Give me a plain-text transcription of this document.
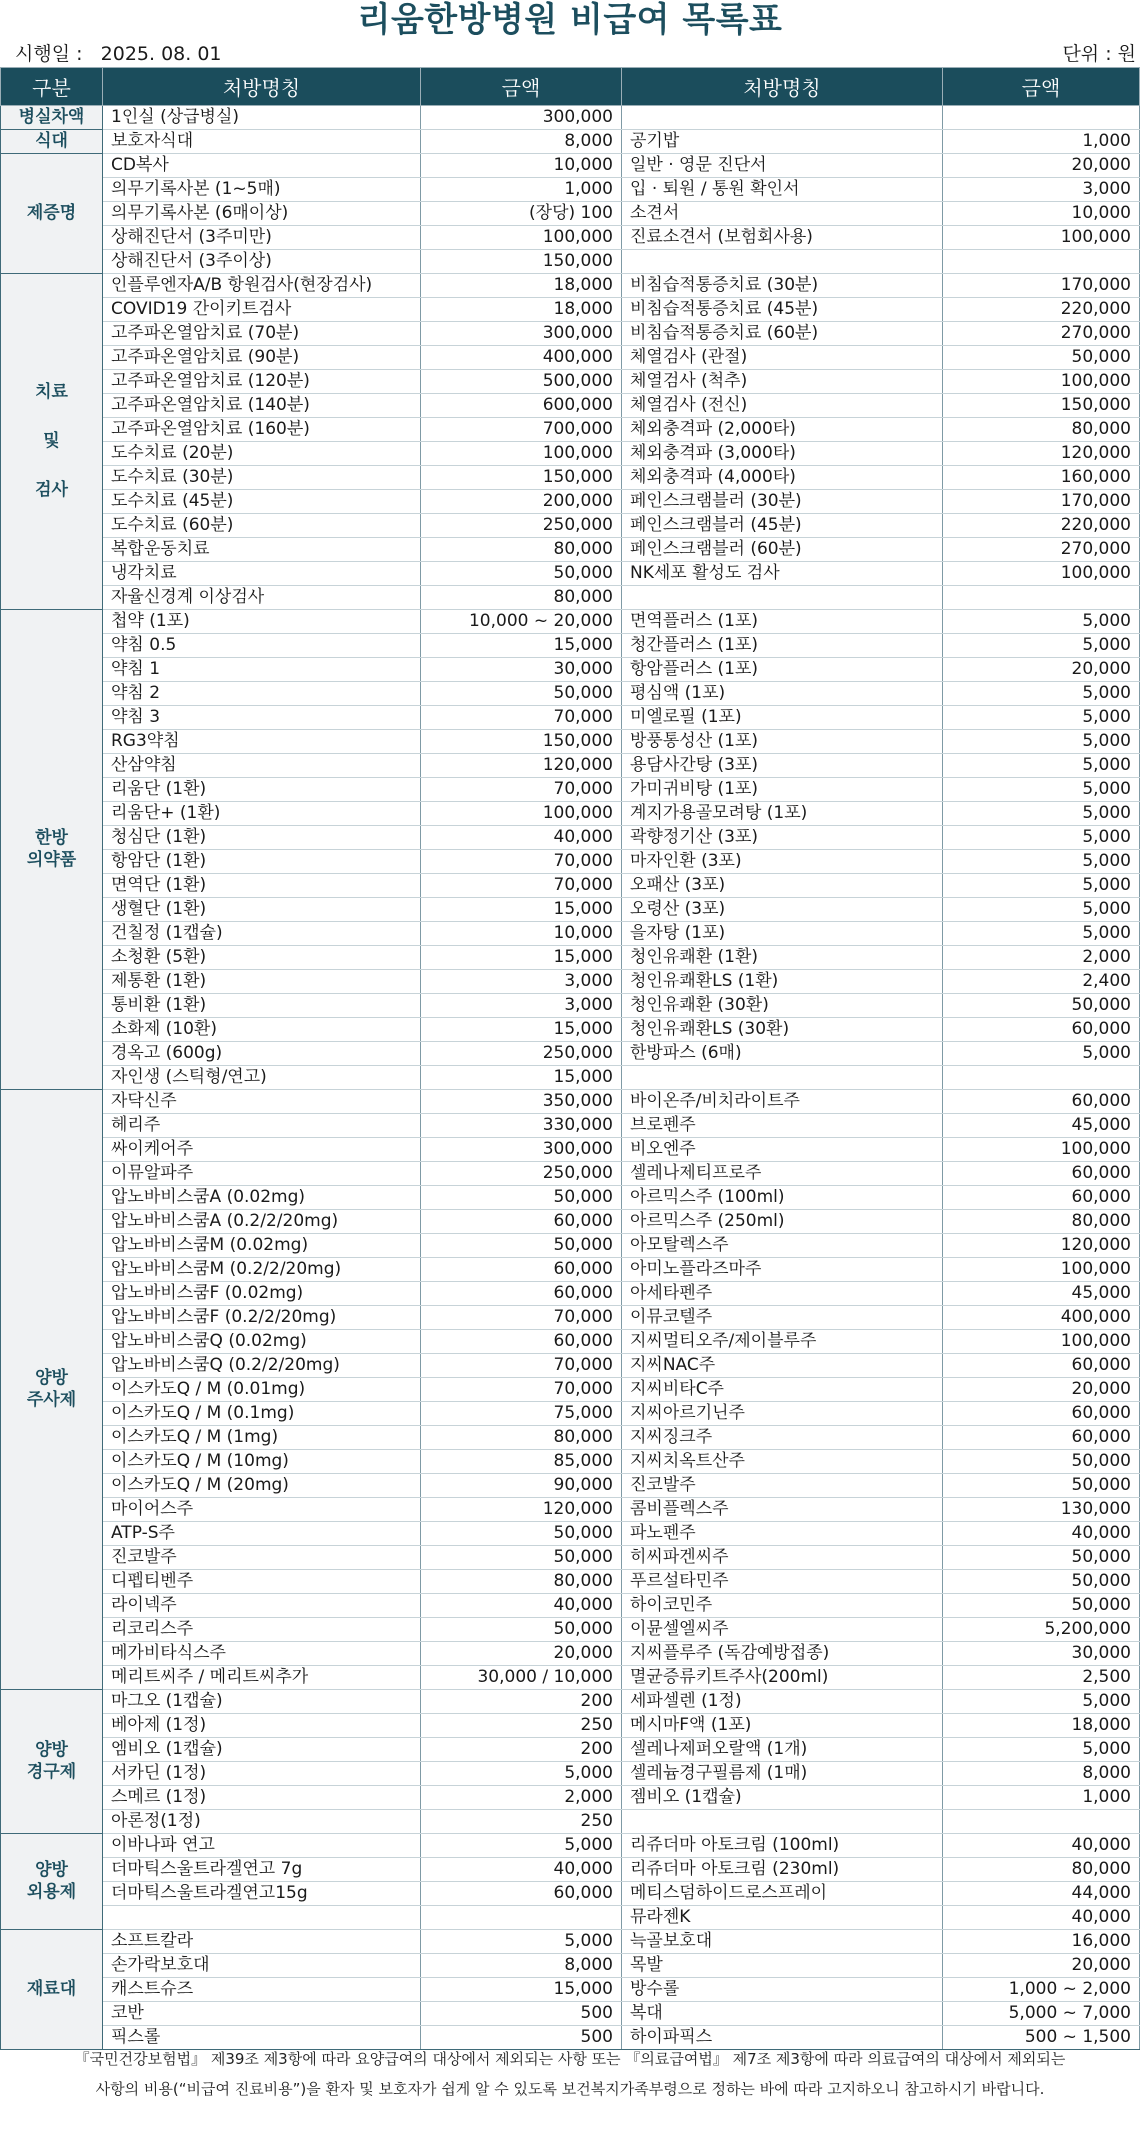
리움한방병원 비급여 목록표
시행일 : 2025. 08. 01	단위 : 원
구분	처방명칭	금액	처방명칭	금액

병실차액	1인실 (상급병실)	300,000		

식대	보호자식대	8,000	공기밥	1,000

제증명	CD복사	10,000	일반 · 영문 진단서	20,000
	의무기록사본 (1~5매)	1,000	입 · 퇴원 / 통원 확인서	3,000
	의무기록사본 (6매이상)	(장당) 100	소견서	10,000
	상해진단서 (3주미만)	100,000	진료소견서 (보험회사용)	100,000
	상해진단서 (3주이상)	150,000		

치료
및
검사	인플루엔자A/B 항원검사(현장검사)	18,000	비침습적통증치료 (30분)	170,000
	COVID19 간이키트검사	18,000	비침습적통증치료 (45분)	220,000
	고주파온열암치료 (70분)	300,000	비침습적통증치료 (60분)	270,000
	고주파온열암치료 (90분)	400,000	체열검사 (관절)	50,000
	고주파온열암치료 (120분)	500,000	체열검사 (척추)	100,000
	고주파온열암치료 (140분)	600,000	체열검사 (전신)	150,000
	고주파온열암치료 (160분)	700,000	체외충격파 (2,000타)	80,000
	도수치료 (20분)	100,000	체외충격파 (3,000타)	120,000
	도수치료 (30분)	150,000	체외충격파 (4,000타)	160,000
	도수치료 (45분)	200,000	페인스크램블러 (30분)	170,000
	도수치료 (60분)	250,000	페인스크램블러 (45분)	220,000
	복합운동치료	80,000	페인스크램블러 (60분)	270,000
	냉각치료	50,000	NK세포 활성도 검사	100,000
	자율신경계 이상검사	80,000		

한방
의약품	첩약 (1포)	10,000 ~ 20,000	면역플러스 (1포)	5,000
	약침 0.5	15,000	청간플러스 (1포)	5,000
	약침 1	30,000	항암플러스 (1포)	20,000
	약침 2	50,000	평심액 (1포)	5,000
	약침 3	70,000	미엘로필 (1포)	5,000
	RG3약침	150,000	방풍통성산 (1포)	5,000
	산삼약침	120,000	용담사간탕 (3포)	5,000
	리움단 (1환)	70,000	가미귀비탕 (1포)	5,000
	리움단+ (1환)	100,000	계지가용골모려탕 (1포)	5,000
	청심단 (1환)	40,000	곽향정기산 (3포)	5,000
	항암단 (1환)	70,000	마자인환 (3포)	5,000
	면역단 (1환)	70,000	오패산 (3포)	5,000
	생혈단 (1환)	15,000	오령산 (3포)	5,000
	건칠정 (1캡슐)	10,000	을자탕 (1포)	5,000
	소청환 (5환)	15,000	청인유쾌환 (1환)	2,000
	제통환 (1환)	3,000	청인유쾌환LS (1환)	2,400
	통비환 (1환)	3,000	청인유쾌환 (30환)	50,000
	소화제 (10환)	15,000	청인유쾌환LS (30환)	60,000
	경옥고 (600g)	250,000	한방파스 (6매)	5,000
	자인생 (스틱형/연고)	15,000		

양방
주사제	자닥신주	350,000	바이온주/비치라이트주	60,000
	헤리주	330,000	브로펜주	45,000
	싸이케어주	300,000	비오엔주	100,000
	이뮤알파주	250,000	셀레나제티프로주	60,000
	압노바비스쿰A (0.02mg)	50,000	아르믹스주 (100ml)	60,000
	압노바비스쿰A (0.2/2/20mg)	60,000	아르믹스주 (250ml)	80,000
	압노바비스쿰M (0.02mg)	50,000	아모탈렉스주	120,000
	압노바비스쿰M (0.2/2/20mg)	60,000	아미노플라즈마주	100,000
	압노바비스쿰F (0.02mg)	60,000	아세타펜주	45,000
	압노바비스쿰F (0.2/2/20mg)	70,000	이뮤코텔주	400,000
	압노바비스쿰Q (0.02mg)	60,000	지씨멀티오주/제이블루주	100,000
	압노바비스쿰Q (0.2/2/20mg)	70,000	지씨NAC주	60,000
	이스카도Q / M (0.01mg)	70,000	지씨비타C주	20,000
	이스카도Q / M (0.1mg)	75,000	지씨아르기닌주	60,000
	이스카도Q / M (1mg)	80,000	지씨징크주	60,000
	이스카도Q / M (10mg)	85,000	지씨치옥트산주	50,000
	이스카도Q / M (20mg)	90,000	진코발주	50,000
	마이어스주	120,000	콤비플렉스주	130,000
	ATP-S주	50,000	파노펜주	40,000
	진코발주	50,000	히씨파겐씨주	50,000
	디펩티벤주	80,000	푸르설타민주	50,000
	라이넥주	40,000	하이코민주	50,000
	리코리스주	50,000	이뮨셀엘씨주	5,200,000
	메가비타식스주	20,000	지씨플루주 (독감예방접종)	30,000
	메리트씨주 / 메리트씨추가	30,000 / 10,000	멸균증류키트주사(200ml)	2,500

양방
경구제	마그오 (1캡슐)	200	세파셀렌 (1정)	5,000
	베아제 (1정)	250	메시마F액 (1포)	18,000
	엠비오 (1캡슐)	200	셀레나제퍼오랄액 (1개)	5,000
	서카딘 (1정)	5,000	셀레늄경구필름제 (1매)	8,000
	스메르 (1정)	2,000	젬비오 (1캡슐)	1,000
	아론정(1정)	250		

양방
외용제	이바나파 연고	5,000	리쥬더마 아토크림 (100ml)	40,000
	더마틱스울트라겔연고 7g	40,000	리쥬더마 아토크림 (230ml)	80,000
	더마틱스울트라겔연고15g	60,000	메티스덤하이드로스프레이	44,000
			뮤라젠K	40,000

재료대	소프트칼라	5,000	늑골보호대	16,000
	손가락보호대	8,000	목발	20,000
	캐스트슈즈	15,000	방수롤	1,000 ~ 2,000
	코반	500	복대	5,000 ~ 7,000
	픽스롤	500	하이파픽스	500 ~ 1,500
『국민건강보험법』 제39조 제3항에 따라 요양급여의 대상에서 제외되는 사항 또는 『의료급여법』 제7조 제3항에 따라 의료급여의 대상에서 제외되는
사항의 비용(“비급여 진료비용”)을 환자 및 보호자가 쉽게 알 수 있도록 보건복지가족부령으로 정하는 바에 따라 고지하오니 참고하시기 바랍니다.
